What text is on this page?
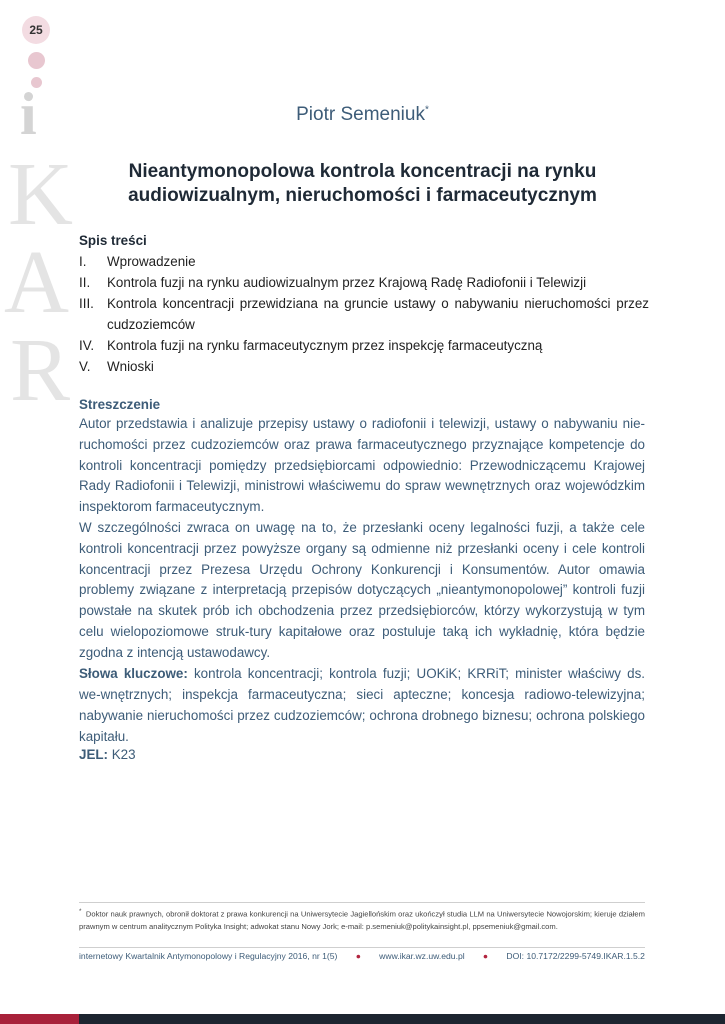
25
i
K
A
R
Piotr Semeniuk*
Nieantymonopolowa kontrola koncentracji na rynku audiowizualnym, nieruchomości i farmaceutycznym
Spis treści
I.	Wprowadzenie
II.	Kontrola fuzji na rynku audiowizualnym przez Krajową Radę Radiofonii i Telewizji
III. Kontrola koncentracji przewidziana na gruncie ustawy o nabywaniu nieruchomości przez cudzoziemców
IV. Kontrola fuzji na rynku farmaceutycznym przez inspekcję farmaceutyczną
V.	Wnioski
Streszczenie

Autor przedstawia i analizuje przepisy ustawy o radiofonii i telewizji, ustawy o nabywaniu nie-ruchomości przez cudzoziemców oraz prawa farmaceutycznego przyznające kompetencje do kontroli koncentracji pomiędzy przedsiębiorcami odpowiednio: Przewodniczącemu Krajowej Rady Radiofonii i Telewizji, ministrowi właściwemu do spraw wewnętrznych oraz wojewódzkim inspektorom farmaceutycznym.

W szczególności zwraca on uwagę na to, że przesłanki oceny legalności fuzji, a także cele kontroli koncentracji przez powyższe organy są odmienne niż przesłanki oceny i cele kontroli koncentracji przez Prezesa Urzędu Ochrony Konkurencji i Konsumentów. Autor omawia problemy związane z interpretacją przepisów dotyczących „nieantymonopolowej” kontroli fuzji powstałe na skutek prób ich obchodzenia przez przedsiębiorców, którzy wykorzystują w tym celu wielopoziomowe struk-tury kapitałowe oraz postuluje taką ich wykładnię, która będzie zgodna z intencją ustawodawcy.

Słowa kluczowe: kontrola koncentracji; kontrola fuzji; UOKiK; KRRiT; minister właściwy ds. we-wnętrznych; inspekcja farmaceutyczna; sieci apteczne; koncesja radiowo-telewizyjna; nabywanie nieruchomości przez cudzoziemców; ochrona drobnego biznesu; ochrona polskiego kapitału.
JEL: K23
* Doktor nauk prawnych, obronił doktorat z prawa konkurencji na Uniwersytecie Jagiellońskim oraz ukończył studia LLM na Uniwersytecie Nowojorskim; kieruje działem prawnym w centrum analitycznym Polityka Insight; adwokat stanu Nowy Jork; e-mail: p.semeniuk@politykainsight.pl, ppsemeniuk@gmail.com.
internetowy Kwartalnik Antymonopolowy i Regulacyjny 2016, nr 1(5)	●	www.ikar.wz.uw.edu.pl	●	DOI: 10.7172/2299-5749.IKAR.1.5.2
